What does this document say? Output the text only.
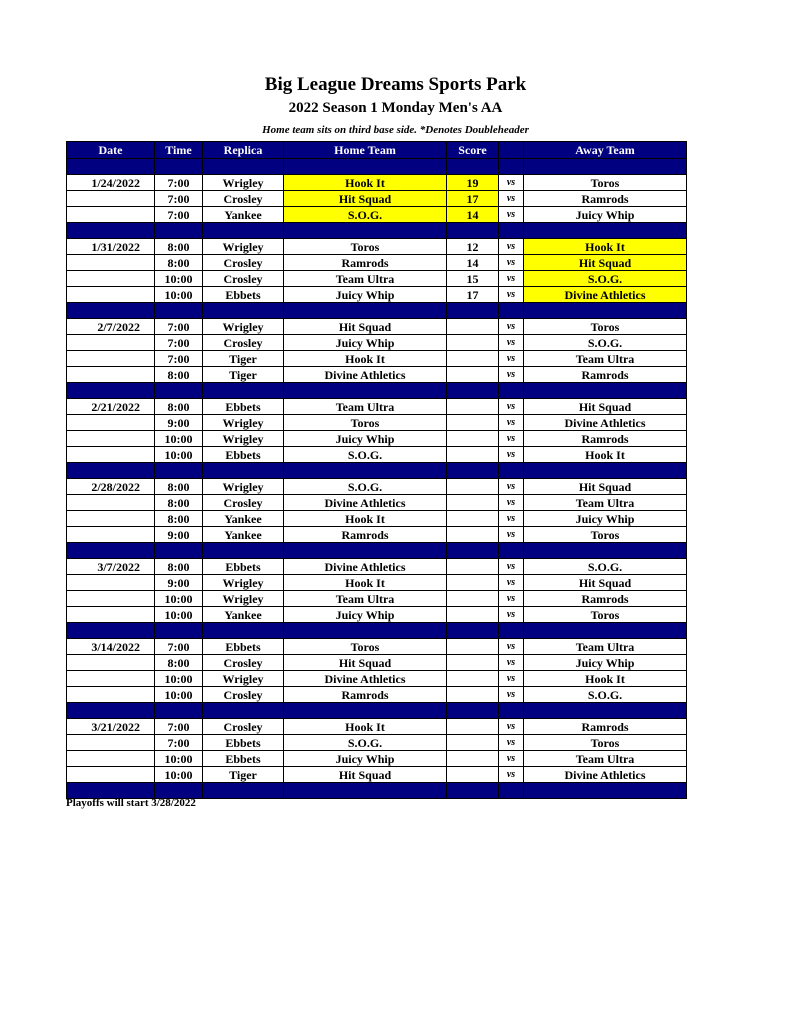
Big League Dreams Sports Park
2022 Season 1 Monday Men's AA
Home team sits on third base side. *Denotes Doubleheader
Date	Time	Replica	Home Team	Score		Away Team

1/24/2022	7:00	Wrigley	Hook It	19	vs	Toros
	7:00	Crosley	Hit Squad	17	vs	Ramrods
	7:00	Yankee	S.O.G.	14	vs	Juicy Whip

1/31/2022	8:00	Wrigley	Toros	12	vs	Hook It
	8:00	Crosley	Ramrods	14	vs	Hit Squad
	10:00	Crosley	Team Ultra	15	vs	S.O.G.
	10:00	Ebbets	Juicy Whip	17	vs	Divine Athletics

2/7/2022	7:00	Wrigley	Hit Squad		vs	Toros
	7:00	Crosley	Juicy Whip		vs	S.O.G.
	7:00	Tiger	Hook It		vs	Team Ultra
	8:00	Tiger	Divine Athletics		vs	Ramrods

2/21/2022	8:00	Ebbets	Team Ultra		vs	Hit Squad
	9:00	Wrigley	Toros		vs	Divine Athletics
	10:00	Wrigley	Juicy Whip		vs	Ramrods
	10:00	Ebbets	S.O.G.		vs	Hook It

2/28/2022	8:00	Wrigley	S.O.G.		vs	Hit Squad
	8:00	Crosley	Divine Athletics		vs	Team Ultra
	8:00	Yankee	Hook It		vs	Juicy Whip
	9:00	Yankee	Ramrods		vs	Toros

3/7/2022	8:00	Ebbets	Divine Athletics		vs	S.O.G.
	9:00	Wrigley	Hook It		vs	Hit Squad
	10:00	Wrigley	Team Ultra		vs	Ramrods
	10:00	Yankee	Juicy Whip		vs	Toros

3/14/2022	7:00	Ebbets	Toros		vs	Team Ultra
	8:00	Crosley	Hit Squad		vs	Juicy Whip
	10:00	Wrigley	Divine Athletics		vs	Hook It
	10:00	Crosley	Ramrods		vs	S.O.G.

3/21/2022	7:00	Crosley	Hook It		vs	Ramrods
	7:00	Ebbets	S.O.G.		vs	Toros
	10:00	Ebbets	Juicy Whip		vs	Team Ultra
	10:00	Tiger	Hit Squad		vs	Divine Athletics

Playoffs will start 3/28/2022
